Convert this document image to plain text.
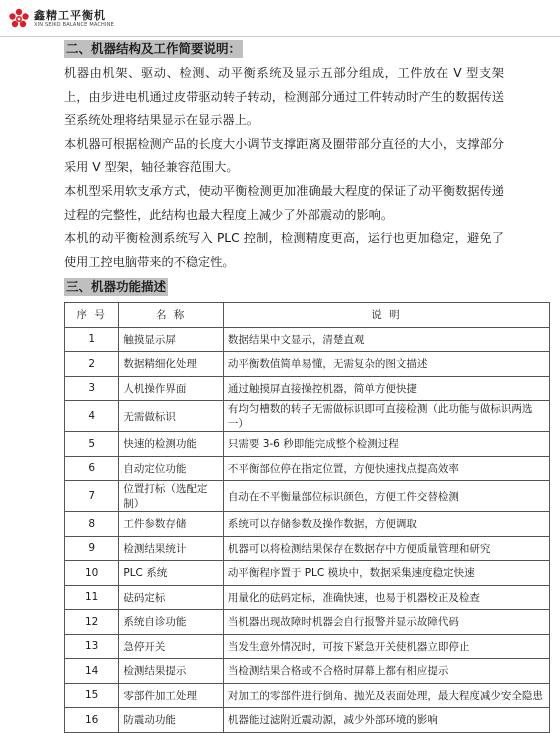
鑫精工平衡机
XIN SEIKO BALANCE MACHINE
二、机器结构及工作简要说明：

机器由机架、驱动、检测、动平衡系统及显示五部分组成，工件放在 V 型支架上，由步进电机通过皮带驱动转子转动，检测部分通过工件转动时产生的数据传送至系统处理将结果显示在显示器上。

本机器可根据检测产品的长度大小调节支撑距离及圈带部分直径的大小，支撑部分采用 V 型架，轴径兼容范围大。

本机型采用软支承方式，使动平衡检测更加准确最大程度的保证了动平衡数据传递过程的完整性，此结构也最大程度上减少了外部震动的影响。

本机的动平衡检测系统写入 PLC 控制，检测精度更高，运行也更加稳定，避免了使用工控电脑带来的不稳定性。

三、机器功能描述
序 号	名 称	说 明
1	触摸显示屏	数据结果中文显示，清楚直观
2	数据精细化处理	动平衡数值简单易懂，无需复杂的图文描述
3	人机操作界面	通过触摸屏直接操控机器，简单方便快捷
4	无需做标识	有均匀槽数的转子无需做标识即可直接检测（此功能与做标识两选一）
5	快速的检测功能	只需要 3-6 秒即能完成整个检测过程
6	自动定位功能	不平衡部位停在指定位置，方便快速找点提高效率
7	位置打标（选配定制）	自动在不平衡量部位标识颜色，方便工件交替检测
8	工件参数存储	系统可以存储参数及操作数据，方便调取
9	检测结果统计	机器可以将检测结果保存在数据存中方便质量管理和研究
10	PLC 系统	动平衡程序置于 PLC 模块中，数据采集速度稳定快速
11	砝码定标	用量化的砝码定标，准确快速，也易于机器校正及检查
12	系统自诊功能	当机器出现故障时机器会自行报警并显示故障代码
13	急停开关	当发生意外情况时，可按下紧急开关使机器立即停止
14	检测结果提示	当检测结果合格或不合格时屏幕上都有相应提示
15	零部件加工处理	对加工的零部件进行倒角、抛光及表面处理，最大程度减少安全隐患
16	防震动功能	机器能过滤附近震动源，减少外部环境的影响
